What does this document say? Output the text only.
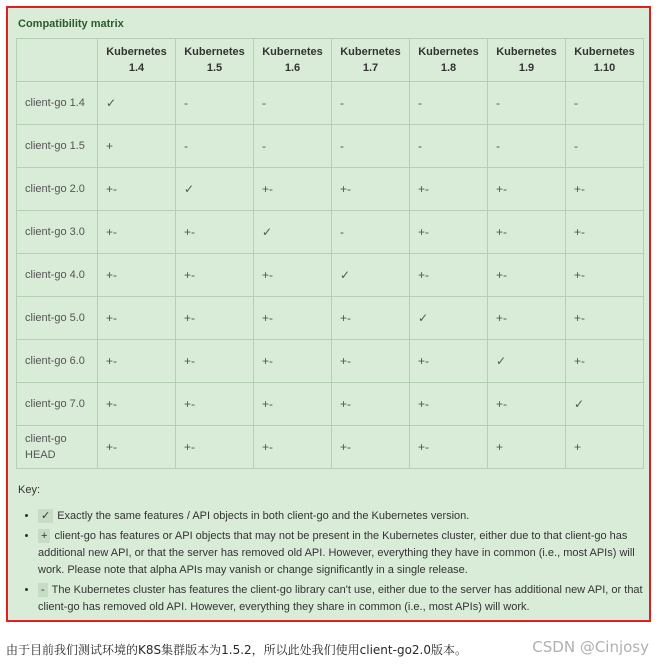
Compatibility matrix
	Kubernetes 1.4	Kubernetes 1.5	Kubernetes 1.6	Kubernetes 1.7	Kubernetes 1.8	Kubernetes 1.9	Kubernetes 1.10
client-go 1.4	✓	-	-	-	-	-	-
client-go 1.5	+	-	-	-	-	-	-
client-go 2.0	+-	✓	+-	+-	+-	+-	+-
client-go 3.0	+-	+-	✓	-	+-	+-	+-
client-go 4.0	+-	+-	+-	✓	+-	+-	+-
client-go 5.0	+-	+-	+-	+-	✓	+-	+-
client-go 6.0	+-	+-	+-	+-	+-	✓	+-
client-go 7.0	+-	+-	+-	+-	+-	+-	✓
client-go HEAD	+-	+-	+-	+-	+-	+	+
Key:
• ✓ Exactly the same features / API objects in both client-go and the Kubernetes version.
• + client-go has features or API objects that may not be present in the Kubernetes cluster, either due to that client-go has additional new API, or that the server has removed old API. However, everything they have in common (i.e., most APIs) will work. Please note that alpha APIs may vanish or change significantly in a single release.
• - The Kubernetes cluster has features the client-go library can't use, either due to the server has additional new API, or that client-go has removed old API. However, everything they share in common (i.e., most APIs) will work.
由于目前我们测试环境的K8S集群版本为1.5.2，所以此处我们使用client-go2.0版本。	CSDN @Cinjosy
